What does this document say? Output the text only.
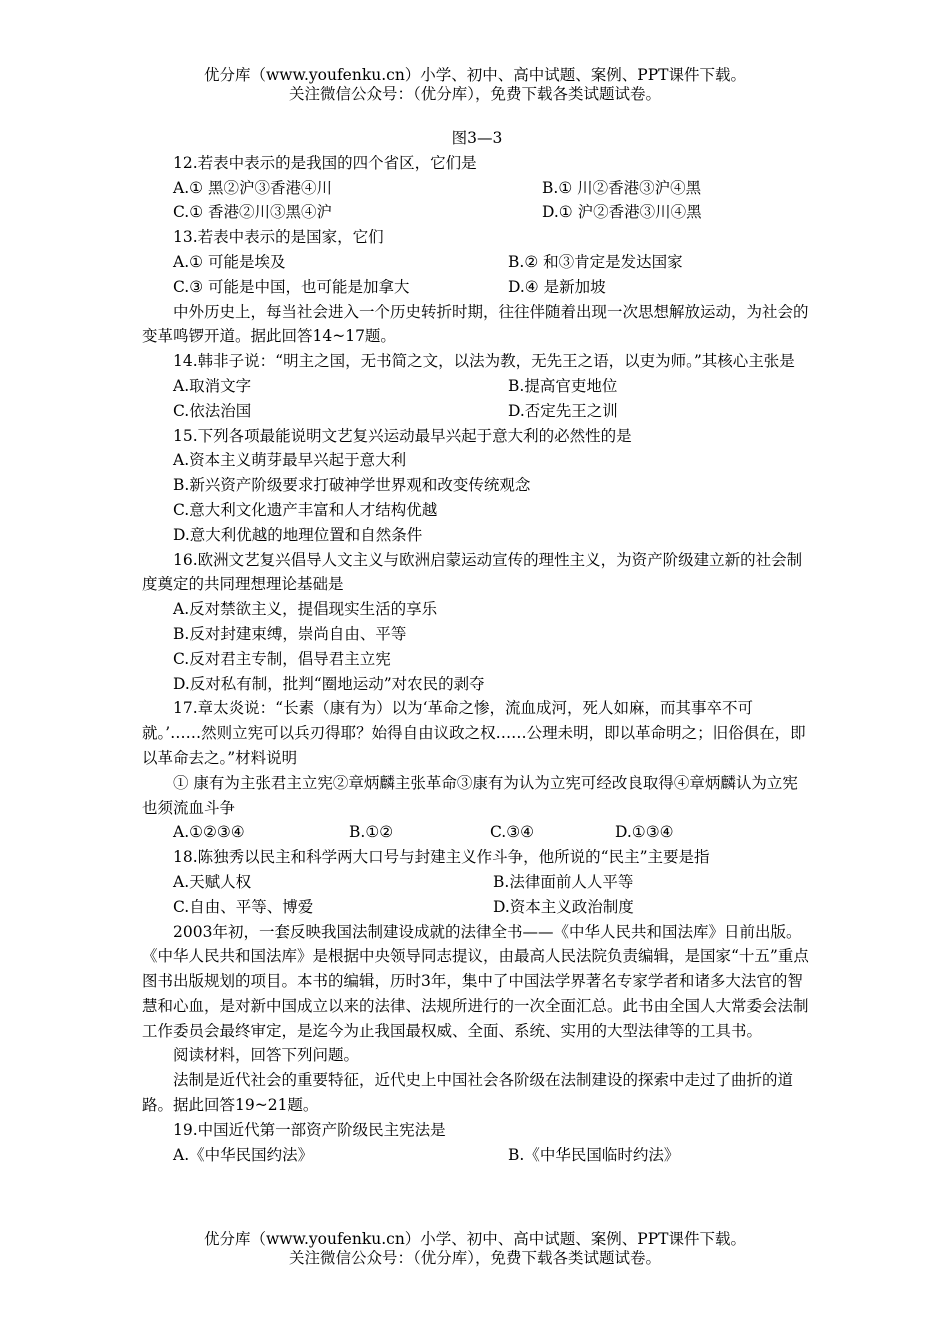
优分库（www.youfenku.cn）小学、初中、高中试题、案例、PPT课件下载。
关注微信公众号：（优分库），免费下载各类试题试卷。

图3—3

12.若表中表示的是我国的四个省区，它们是

A.① 黑②沪③香港④川	B.① 川②香港③沪④黑
C.① 香港②川③黑④沪	D.① 沪②香港③川④黑

13.若表中表示的是国家，它们

A.① 可能是埃及	B.② 和③肯定是发达国家
C.③ 可能是中国，也可能是加拿大	D.④ 是新加坡

中外历史上，每当社会进入一个历史转折时期，往往伴随着出现一次思想解放运动，为社会的变革鸣锣开道。据此回答14~17题。

14.韩非子说：“明主之国，无书简之文，以法为教，无先王之语，以吏为师。”其核心主张是

A.取消文字	B.提高官吏地位
C.依法治国	D.否定先王之训

15.下列各项最能说明文艺复兴运动最早兴起于意大利的必然性的是

A.资本主义萌芽最早兴起于意大利

B.新兴资产阶级要求打破神学世界观和改变传统观念

C.意大利文化遗产丰富和人才结构优越

D.意大利优越的地理位置和自然条件

16.欧洲文艺复兴倡导人文主义与欧洲启蒙运动宣传的理性主义，为资产阶级建立新的社会制度奠定的共同理想理论基础是

A.反对禁欲主义，提倡现实生活的享乐

B.反对封建束缚，崇尚自由、平等

C.反对君主专制，倡导君主立宪

D.反对私有制，批判“圈地运动”对农民的剥夺

17.章太炎说：“长素（康有为）以为‘革命之惨，流血成河，死人如麻，而其事卒不可就。’……然则立宪可以兵刃得耶？始得自由议政之权……公理未明，即以革命明之；旧俗俱在，即以革命去之。”材料说明

① 康有为主张君主立宪②章炳麟主张革命③康有为认为立宪可经改良取得④章炳麟认为立宪也须流血斗争

A.①②③④	B.①②	C.③④	D.①③④

18.陈独秀以民主和科学两大口号与封建主义作斗争，他所说的“民主”主要是指

A.天赋人权	B.法律面前人人平等
C.自由、平等、博爱	D.资本主义政治制度

2003年初，一套反映我国法制建设成就的法律全书——《中华人民共和国法库》日前出版。《中华人民共和国法库》是根据中央领导同志提议，由最高人民法院负责编辑，是国家“十五”重点图书出版规划的项目。本书的编辑，历时3年，集中了中国法学界著名专家学者和诸多大法官的智慧和心血，是对新中国成立以来的法律、法规所进行的一次全面汇总。此书由全国人大常委会法制工作委员会最终审定，是迄今为止我国最权威、全面、系统、实用的大型法律等的工具书。

阅读材料，回答下列问题。

法制是近代社会的重要特征，近代史上中国社会各阶级在法制建设的探索中走过了曲折的道路。据此回答19~21题。

19.中国近代第一部资产阶级民主宪法是

A.《中华民国约法》	B.《中华民国临时约法》
优分库（www.youfenku.cn）小学、初中、高中试题、案例、PPT课件下载。
关注微信公众号：（优分库），免费下载各类试题试卷。
